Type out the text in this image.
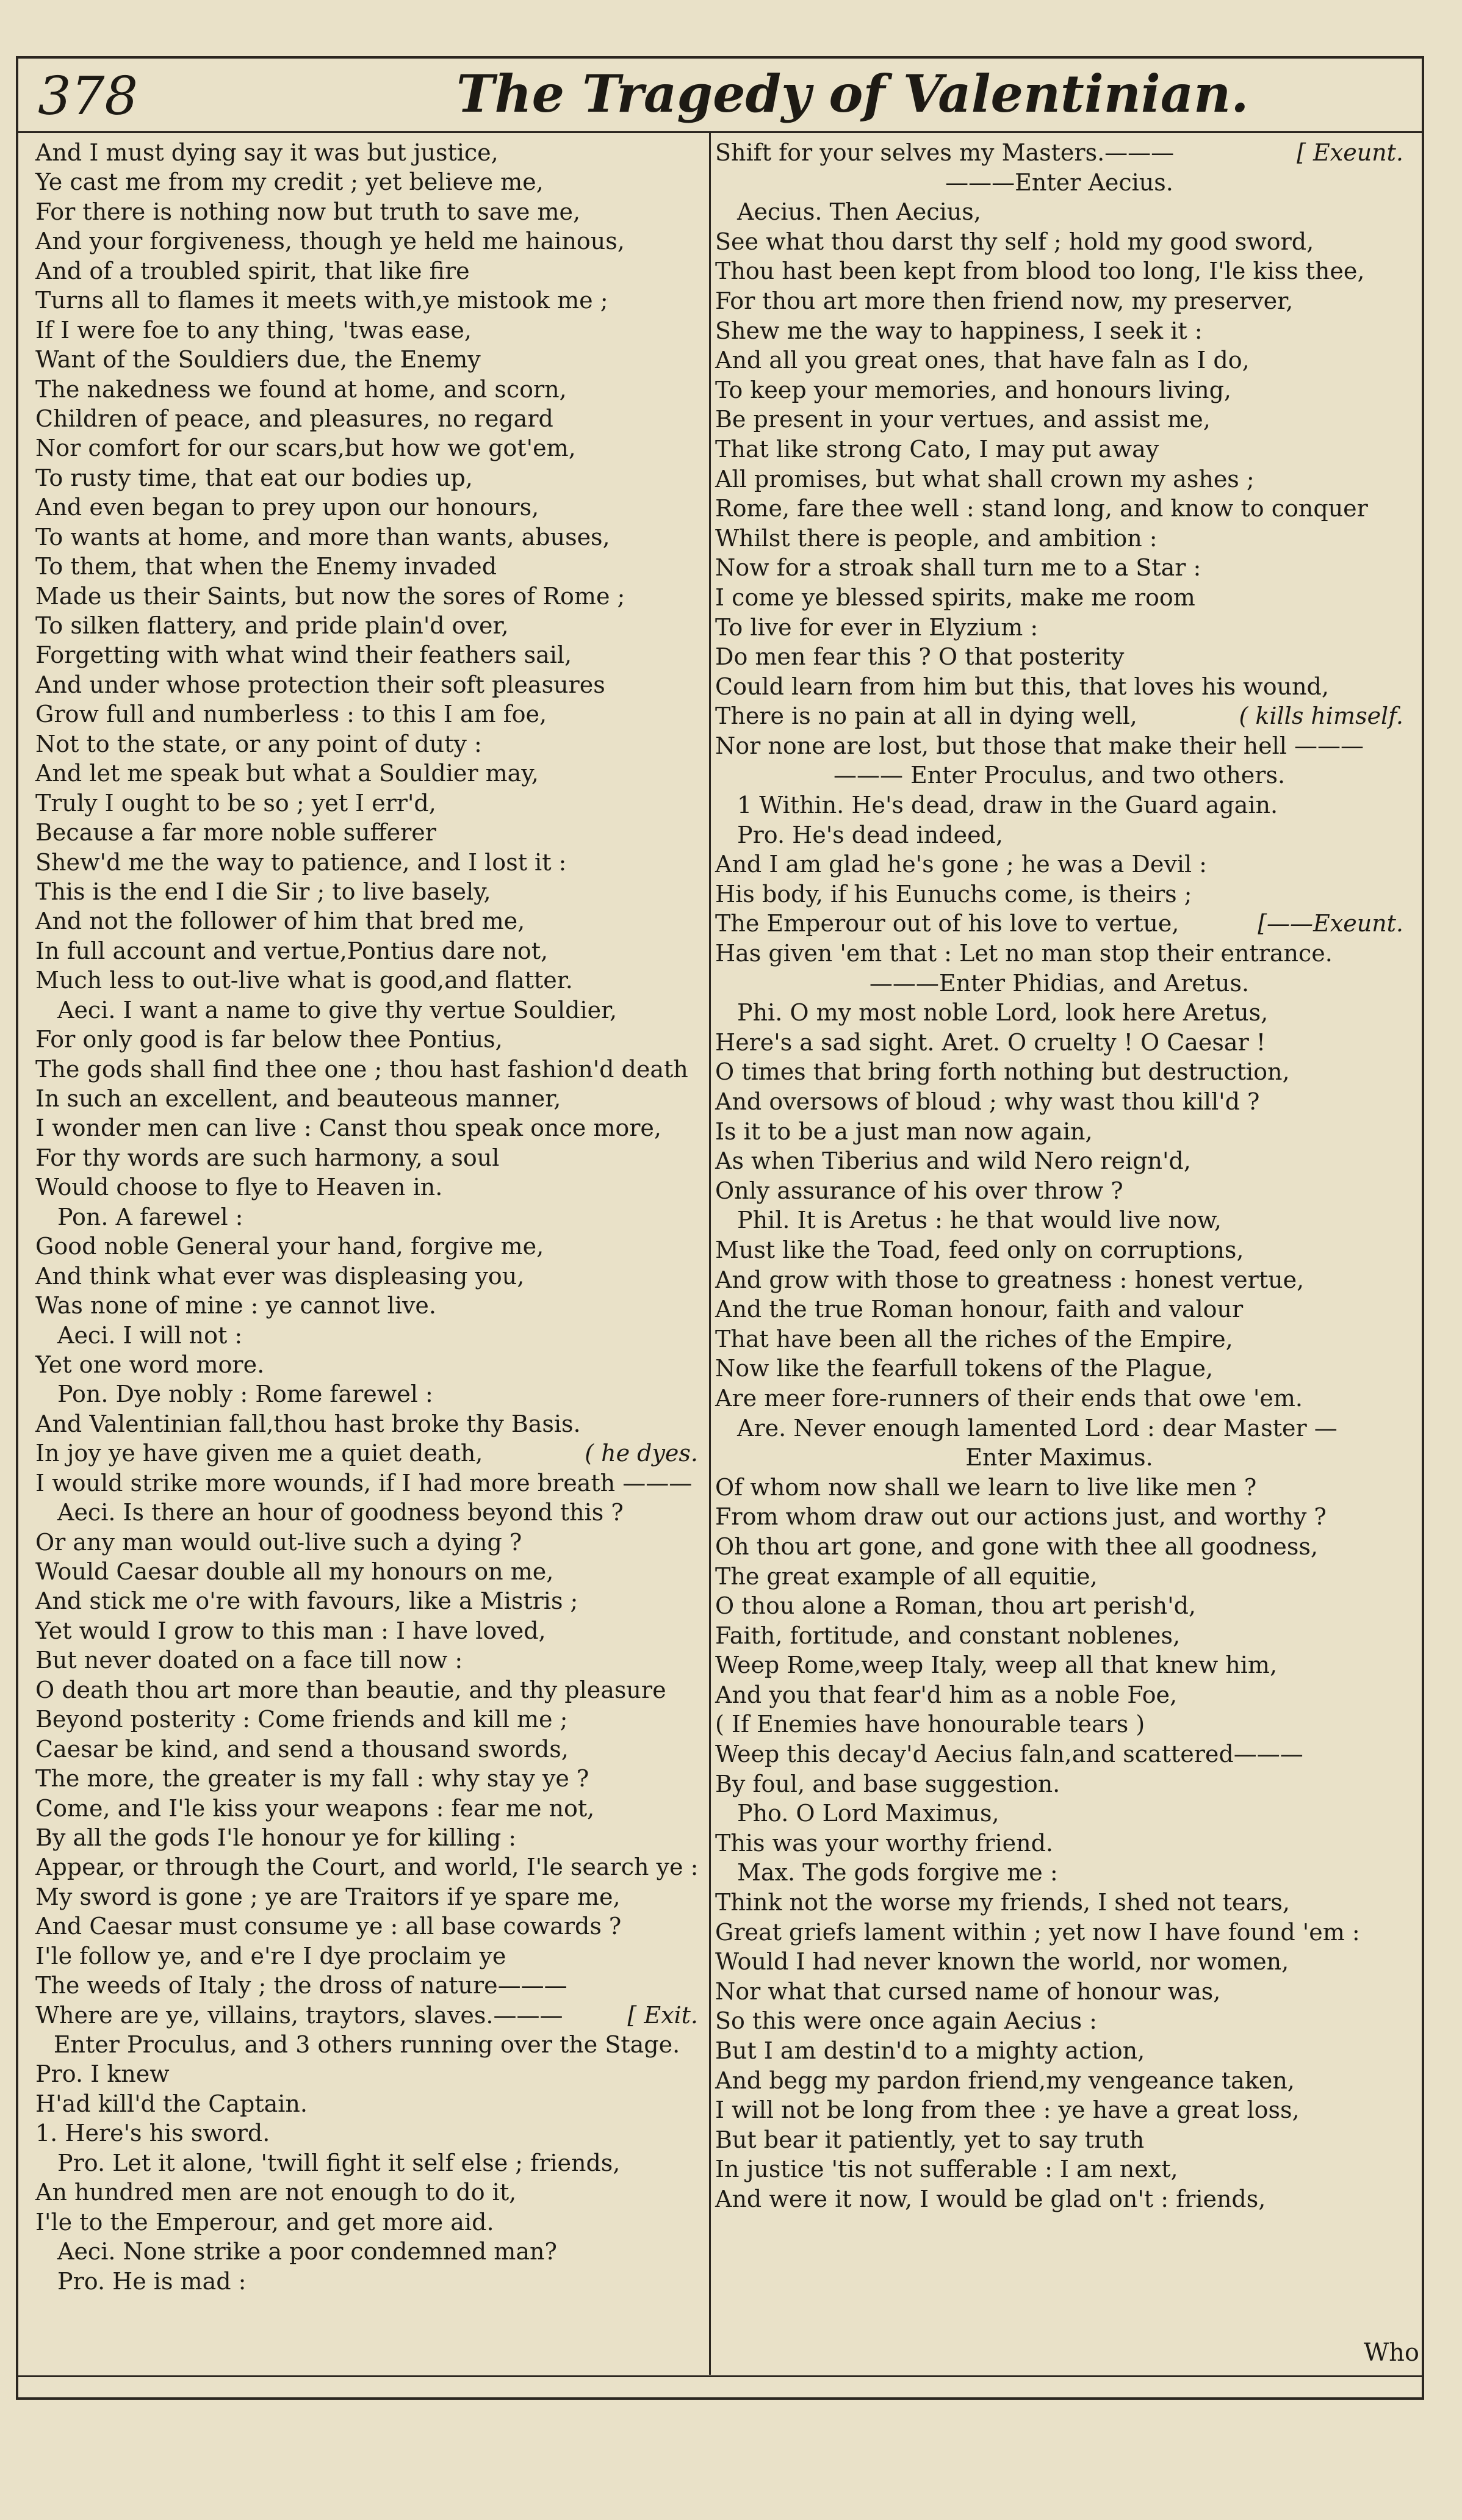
378	The Tragedy of Valentinian.
And I must dying say it was but justice,
Ye cast me from my credit ; yet believe me,
For there is nothing now but truth to save me,
And your forgiveness, though ye held me hainous,
And of a troubled spirit, that like fire
Turns all to flames it meets with,ye mistook me ;
If I were foe to any thing, 'twas ease,
Want of the Souldiers due, the Enemy
The nakedness we found at home, and scorn,
Children of peace, and pleasures, no regard
Nor comfort for our scars,but how we got'em,
To rusty time, that eat our bodies up,
And even began to prey upon our honours,
To wants at home, and more than wants, abuses,
To them, that when the Enemy invaded
Made us their Saints, but now the sores of Rome ;
To silken flattery, and pride plain'd over,
Forgetting with what wind their feathers sail,
And under whose protection their soft pleasures
Grow full and numberless : to this I am foe,
Not to the state, or any point of duty :
And let me speak but what a Souldier may,
Truly I ought to be so ; yet I err'd,
Because a far more noble sufferer
Shew'd me the way to patience, and I lost it :
This is the end I die Sir ; to live basely,
And not the follower of him that bred me,
In full account and vertue,Pontius dare not,
Much less to out-live what is good,and flatter.
Aeci. I want a name to give thy vertue Souldier,
For only good is far below thee Pontius,
The gods shall find thee one ; thou hast fashion'd death
In such an excellent, and beauteous manner,
I wonder men can live : Canst thou speak once more,
For thy words are such harmony, a soul
Would choose to flye to Heaven in.
Pon. A farewel :
Good noble General your hand, forgive me,
And think what ever was displeasing you,
Was none of mine : ye cannot live.
Aeci. I will not :
Yet one word more.
Pon. Dye nobly : Rome farewel :
And Valentinian fall,thou hast broke thy Basis.
In joy ye have given me a quiet death,	( he dyes.
I would strike more wounds, if I had more breath ———
Aeci. Is there an hour of goodness beyond this ?
Or any man would out-live such a dying ?
Would Caesar double all my honours on me,
And stick me o're with favours, like a Mistris ;
Yet would I grow to this man : I have loved,
But never doated on a face till now :
O death thou art more than beautie, and thy pleasure
Beyond posterity : Come friends and kill me ;
Caesar be kind, and send a thousand swords,
The more, the greater is my fall : why stay ye ?
Come, and I'le kiss your weapons : fear me not,
By all the gods I'le honour ye for killing :
Appear, or through the Court, and world, I'le search ye :
My sword is gone ; ye are Traitors if ye spare me,
And Caesar must consume ye : all base cowards ?
I'le follow ye, and e're I dye proclaim ye
The weeds of Italy ; the dross of nature———
Where are ye, villains, traytors, slaves.———	[ Exit.
Enter Proculus, and 3 others running over the Stage.
Pro. I knew
H'ad kill'd the Captain.
1. Here's his sword.
Pro. Let it alone, 'twill fight it self else ; friends,
An hundred men are not enough to do it,
I'le to the Emperour, and get more aid.
Aeci. None strike a poor condemned man?
Pro. He is mad :
Shift for your selves my Masters.———	[ Exeunt.
———Enter Aecius.
Aecius. Then Aecius,
See what thou darst thy self ; hold my good sword,
Thou hast been kept from blood too long, I'le kiss thee,
For thou art more then friend now, my preserver,
Shew me the way to happiness, I seek it :
And all you great ones, that have faln as I do,
To keep your memories, and honours living,
Be present in your vertues, and assist me,
That like strong Cato, I may put away
All promises, but what shall crown my ashes ;
Rome, fare thee well : stand long, and know to conquer
Whilst there is people, and ambition :
Now for a stroak shall turn me to a Star :
I come ye blessed spirits, make me room
To live for ever in Elyzium :
Do men fear this ? O that posterity
Could learn from him but this, that loves his wound,
There is no pain at all in dying well,	( kills himself.
Nor none are lost, but those that make their hell ———
——— Enter Proculus, and two others.
1 Within. He's dead, draw in the Guard again.
Pro. He's dead indeed,
And I am glad he's gone ; he was a Devil :
His body, if his Eunuchs come, is theirs ;
The Emperour out of his love to vertue,	[——Exeunt.
Has given 'em that : Let no man stop their entrance.
———Enter Phidias, and Aretus.
Phi. O my most noble Lord, look here Aretus,
Here's a sad sight. Aret. O cruelty ! O Caesar !
O times that bring forth nothing but destruction,
And oversows of bloud ; why wast thou kill'd ?
Is it to be a just man now again,
As when Tiberius and wild Nero reign'd,
Only assurance of his over throw ?
Phil. It is Aretus : he that would live now,
Must like the Toad, feed only on corruptions,
And grow with those to greatness : honest vertue,
And the true Roman honour, faith and valour
That have been all the riches of the Empire,
Now like the fearfull tokens of the Plague,
Are meer fore-runners of their ends that owe 'em.
Are. Never enough lamented Lord : dear Master —
Enter Maximus.
Of whom now shall we learn to live like men ?
From whom draw out our actions just, and worthy ?
Oh thou art gone, and gone with thee all goodness,
The great example of all equitie,
O thou alone a Roman, thou art perish'd,
Faith, fortitude, and constant noblenes,
Weep Rome,weep Italy, weep all that knew him,
And you that fear'd him as a noble Foe,
( If Enemies have honourable tears )
Weep this decay'd Aecius faln,and scattered———
By foul, and base suggestion.
Pho. O Lord Maximus,
This was your worthy friend.
Max. The gods forgive me :
Think not the worse my friends, I shed not tears,
Great griefs lament within ; yet now I have found 'em :
Would I had never known the world, nor women,
Nor what that cursed name of honour was,
So this were once again Aecius :
But I am destin'd to a mighty action,
And begg my pardon friend,my vengeance taken,
I will not be long from thee : ye have a great loss,
But bear it patiently, yet to say truth
In justice 'tis not sufferable : I am next,
And were it now, I would be glad on't : friends,
Who
